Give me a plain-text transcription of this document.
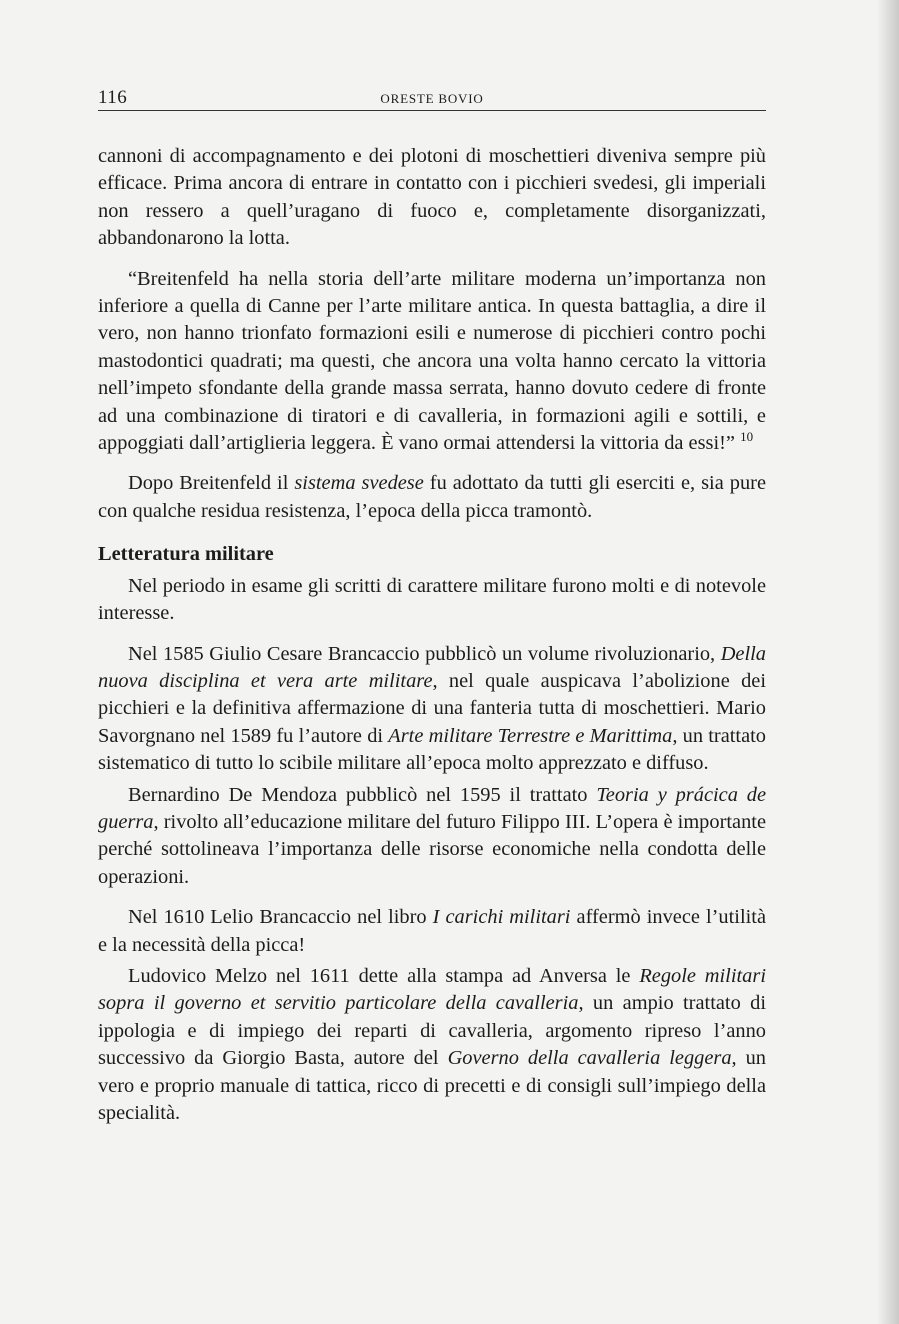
116	ORESTE BOVIO

cannoni di accompagnamento e dei plotoni di moschettieri diveniva sempre più efficace. Prima ancora di entrare in contatto con i picchieri svedesi, gli imperiali non ressero a quell’uragano di fuoco e, completamente disorganizzati, abbandonarono la lotta.

“Breitenfeld ha nella storia dell’arte militare moderna un’importanza non inferiore a quella di Canne per l’arte militare antica. In questa battaglia, a dire il vero, non hanno trionfato formazioni esili e numerose di picchieri contro pochi mastodontici quadrati; ma questi, che ancora una volta hanno cercato la vittoria nell’impeto sfondante della grande massa serrata, hanno dovuto cedere di fronte ad una combinazione di tiratori e di cavalleria, in formazioni agili e sottili, e appoggiati dall’artiglieria leggera. È vano ormai attendersi la vittoria da essi!” $^{10}$

Dopo Breitenfeld il sistema svedese fu adottato da tutti gli eserciti e, sia pure con qualche residua resistenza, l’epoca della picca tramontò.

Letteratura militare

Nel periodo in esame gli scritti di carattere militare furono molti e di notevole interesse.

Nel 1585 Giulio Cesare Brancaccio pubblicò un volume rivoluzionario, Della nuova disciplina et vera arte militare, nel quale auspicava l’abolizione dei picchieri e la definitiva affermazione di una fanteria tutta di moschettieri. Mario Savorgnano nel 1589 fu l’autore di Arte militare Terrestre e Marittima, un trattato sistematico di tutto lo scibile militare all’epoca molto apprezzato e diffuso.

Bernardino De Mendoza pubblicò nel 1595 il trattato Teoria y prácica de guerra, rivolto all’educazione militare del futuro Filippo III. L’opera è importante perché sottolineava l’importanza delle risorse economiche nella condotta delle operazioni.

Nel 1610 Lelio Brancaccio nel libro I carichi militari affermò invece l’utilità e la necessità della picca!

Ludovico Melzo nel 1611 dette alla stampa ad Anversa le Regole militari sopra il governo et servitio particolare della cavalleria, un ampio trattato di ippologia e di impiego dei reparti di cavalleria, argomento ripreso l’anno successivo da Giorgio Basta, autore del Governo della cavalleria leggera, un vero e proprio manuale di tattica, ricco di precetti e di consigli sull’impiego della specialità.
